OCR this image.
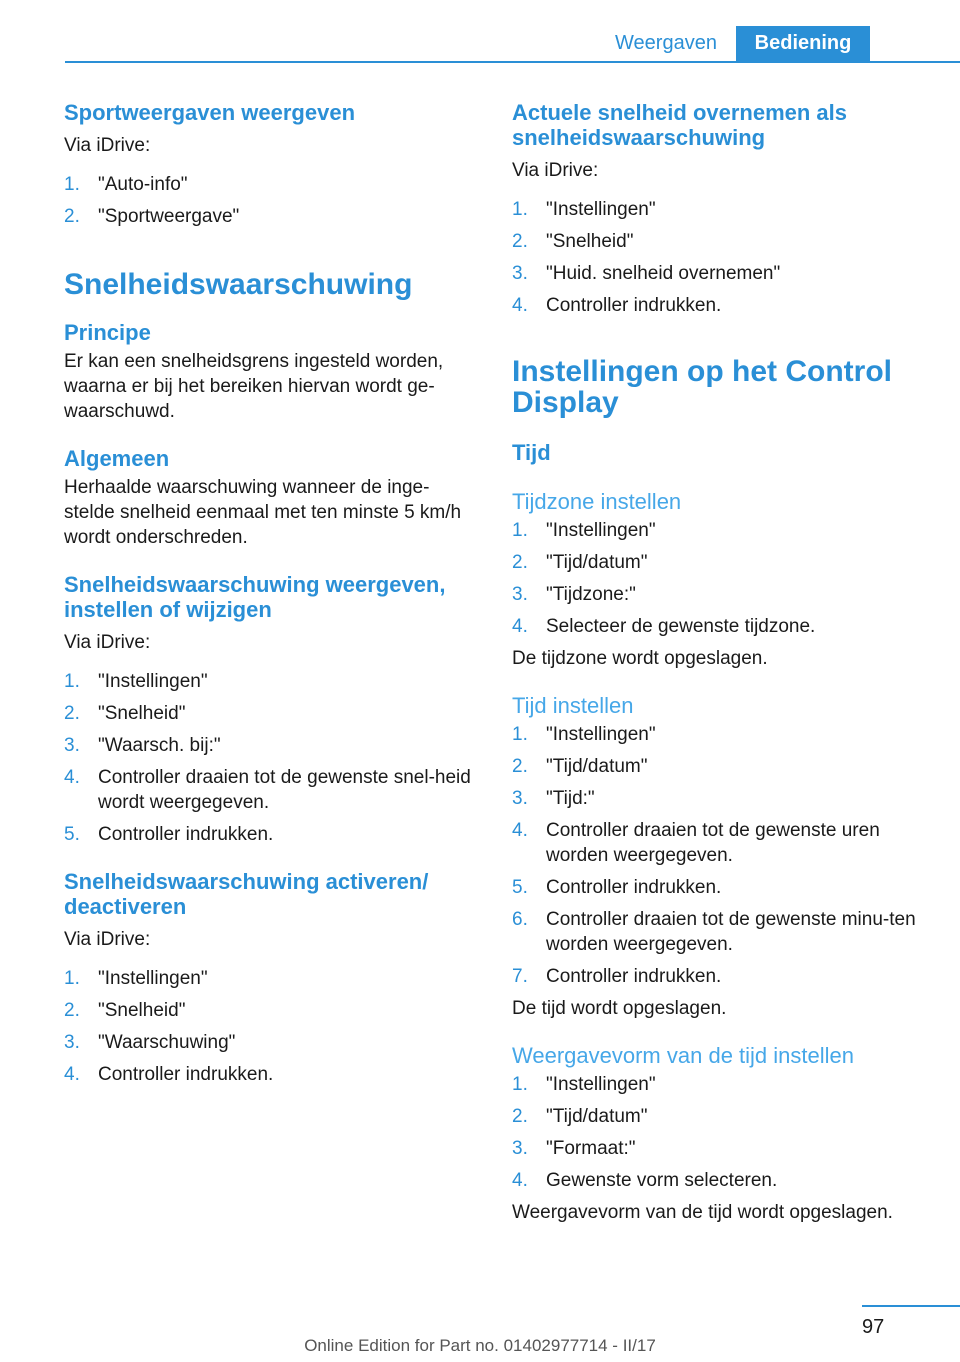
Weergaven	Bediening
Sportweergaven weergeven

Via iDrive:

1. "Auto-info"
2. "Sportweergave"
Snelheidswaarschuwing
Principe

Er kan een snelheidsgrens ingesteld worden, waarna er bij het bereiken hiervan wordt ge‐waarschuwd.

Algemeen

Herhaalde waarschuwing wanneer de inge‐stelde snelheid eenmaal met ten minste 5 km/h wordt onderschreden.

Snelheidswaarschuwing weergeven, instellen of wijzigen

Via iDrive:

1. "Instellingen"
2. "Snelheid"
3. "Waarsch. bij:"
4. Controller draaien tot de gewenste snel‐heid wordt weergegeven.
5. Controller indrukken.
Snelheidswaarschuwing activeren/ deactiveren

Via iDrive:

1. "Instellingen"
2. "Snelheid"
3. "Waarschuwing"
4. Controller indrukken.
Actuele snelheid overnemen als snelheidswaarschuwing

Via iDrive:

1. "Instellingen"
2. "Snelheid"
3. "Huid. snelheid overnemen"
4. Controller indrukken.
Instellingen op het Control Display
Tijd
Tijdzone instellen
1. "Instellingen"
2. "Tijd/datum"
3. "Tijdzone:"
4. Selecteer de gewenste tijdzone.

De tijdzone wordt opgeslagen.

Tijd instellen
1. "Instellingen"
2. "Tijd/datum"
3. "Tijd:"
4. Controller draaien tot de gewenste uren worden weergegeven.
5. Controller indrukken.
6. Controller draaien tot de gewenste minu‐ten worden weergegeven.
7. Controller indrukken.

De tijd wordt opgeslagen.

Weergavevorm van de tijd instellen
1. "Instellingen"
2. "Tijd/datum"
3. "Formaat:"
4. Gewenste vorm selecteren.

Weergavevorm van de tijd wordt opgeslagen.

97
Online Edition for Part no. 01402977714 - II/17
